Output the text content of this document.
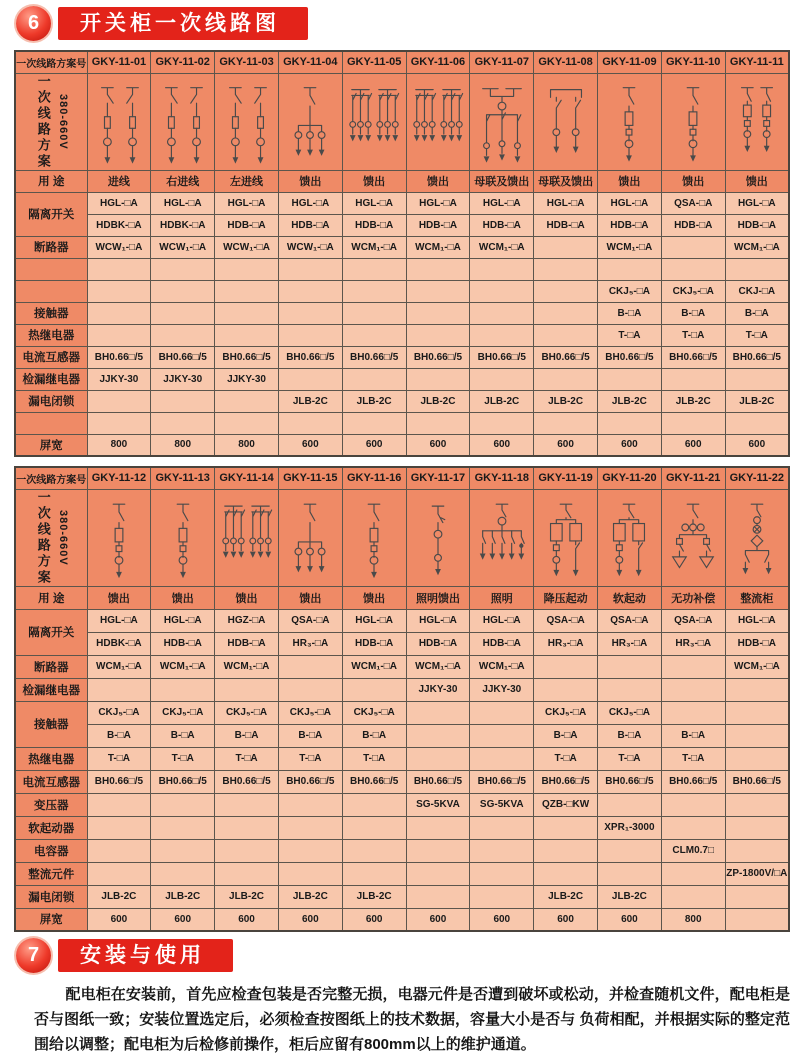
6	开关柜一次线路图
一次线路方案号	GKY-11-01	GKY-11-02	GKY-11-03	GKY-11-04	GKY-11-05	GKY-11-06	GKY-11-07	GKY-11-08	GKY-11-09	GKY-11-10	GKY-11-11

一次线路方案 380-660V

用 途	进线	右进线	左进线	馈出	馈出	馈出	母联及馈出	母联及馈出	馈出	馈出	馈出
隔离开关	HGL-□A	HGL-□A	HGL-□A	HGL-□A	HGL-□A	HGL-□A	HGL-□A	HGL-□A	HGL-□A	QSA-□A	HGL-□A
	HDBK-□A	HDBK-□A	HDB-□A	HDB-□A	HDB-□A	HDB-□A	HDB-□A	HDB-□A	HDB-□A	HDB-□A	HDB-□A
断路器	WCW₁-□A	WCW₁-□A	WCW₁-□A	WCW₁-□A	WCM₁-□A	WCM₁-□A	WCM₁-□A		WCM₁-□A		WCM₁-□A

									CKJ₅-□A	CKJ₅-□A	CKJ-□A
接触器									B-□A	B-□A	B-□A
热继电器									T-□A	T-□A	T-□A
电流互感器	BH0.66□/5	BH0.66□/5	BH0.66□/5	BH0.66□/5	BH0.66□/5	BH0.66□/5	BH0.66□/5	BH0.66□/5	BH0.66□/5	BH0.66□/5	BH0.66□/5
检漏继电器	JJKY-30	JJKY-30	JJKY-30								
漏电闭锁				JLB-2C	JLB-2C	JLB-2C	JLB-2C	JLB-2C	JLB-2C	JLB-2C	JLB-2C

屏宽	800	800	800	600	600	600	600	600	600	600	600
一次线路方案号	GKY-11-12	GKY-11-13	GKY-11-14	GKY-11-15	GKY-11-16	GKY-11-17	GKY-11-18	GKY-11-19	GKY-11-20	GKY-11-21	GKY-11-22

一次线路方案 380-660V

用 途	馈出	馈出	馈出	馈出	馈出	照明馈出	照明	降压起动	软起动	无功补偿	整流柜
隔离开关	HGL-□A	HGL-□A	HGZ-□A	QSA-□A	HGL-□A	HGL-□A	HGL-□A	QSA-□A	QSA-□A	QSA-□A	HGL-□A
	HDBK-□A	HDB-□A	HDB-□A	HR₃-□A	HDB-□A	HDB-□A	HDB-□A	HR₃-□A	HR₃-□A	HR₃-□A	HDB-□A
断路器	WCM₁-□A	WCM₁-□A	WCM₁-□A		WCM₁-□A	WCM₁-□A	WCM₁-□A				WCM₁-□A
检漏继电器						JJKY-30	JJKY-30				
接触器	CKJ₅-□A	CKJ₅-□A	CKJ₅-□A	CKJ₅-□A	CKJ₅-□A			CKJ₅-□A	CKJ₅-□A		
	B-□A	B-□A	B-□A	B-□A	B-□A			B-□A	B-□A	B-□A	
热继电器	T-□A	T-□A	T-□A	T-□A	T-□A			T-□A	T-□A	T-□A	
电流互感器	BH0.66□/5	BH0.66□/5	BH0.66□/5	BH0.66□/5	BH0.66□/5	BH0.66□/5	BH0.66□/5	BH0.66□/5	BH0.66□/5	BH0.66□/5	BH0.66□/5
变压器						SG-5KVA	SG-5KVA	QZB-□KW			
软起动器									XPR₁-3000		
电容器										CLM0.7□	
整流元件											ZP-1800V/□A
漏电闭锁	JLB-2C	JLB-2C	JLB-2C	JLB-2C	JLB-2C			JLB-2C	JLB-2C		
屏宽	600	600	600	600	600	600	600	600	600	800	
7	安装与使用

配电柜在安装前，首先应检查包装是否完整无损，电器元件是否遭到破坏或松动，并检查随机文件，配电柜是否与图纸一致；安装位置选定后，必须检查按图纸上的技术数据，容量大小是否与 负荷相配，并根据实际的整定范围给以调整；配电柜为后检修前操作，柜后应留有800mm以上的维护通道。
